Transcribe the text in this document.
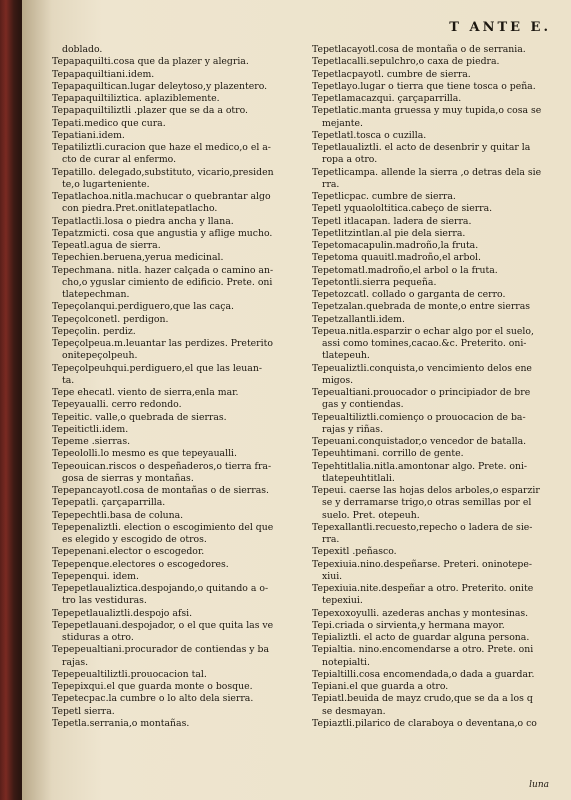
T ANTE E.
doblado.
Tepapaquilti.cosa que da plazer y alegria.
Tepapaquiltiani.idem.
Tepapaquiltican.lugar deleytoso,y plazentero.
Tepapaquiltiliztica. aplaziblemente.
Tepapaquiltiliztli .plazer que se da a otro.
Tepati.medico que cura.
Tepatiani.idem.
Tepatiliztli.curacion que haze el medico,o el a-
cto de curar al enfermo.
Tepatillo. delegado,substituto, vicario,presiden
te,o lugarteniente.
Tepatlachoa.nitla.machucar o quebrantar algo
con piedra.Pret.onitlatepatlacho.
Tepatlactli.losa o piedra ancha y llana.
Tepatzmicti. cosa que angustia y aflige mucho.
Tepeatl.agua de sierra.
Tepechien.beruena,yerua medicinal.
Tepechmana. nitla. hazer calçada o camino an-
cho,o yguslar cimiento de edificio. Prete. oni
tlatepechman.
Tepeçolanqui.perdiguero,que las caça.
Tepeçolconetl. perdigon.
Tepeçolin. perdiz.
Tepeçolpeua.m.leuantar las perdizes. Preterito
onitepeçolpeuh.
Tepeçolpeuhqui.perdiguero,el que las leuan-
ta.
Tepe ehecatl. viento de sierra,enla mar.
Tepeyaualli. cerro redondo.
Tepeitic. valle,o quebrada de sierras.
Tepeitictli.idem.
Tepeme .sierras.
Tepeololli.lo mesmo es que tepeyaualli.
Tepeouican.riscos o despeñaderos,o tierra fra-
gosa de sierras y montañas.
Tepepancayotl.cosa de montañas o de sierras.
Tepepatli. çarçaparrilla.
Tepepechtli.basa de coluna.
Tepepenaliztli. election o escogimiento del que
es elegido y escogido de otros.
Tepepenani.elector o escogedor.
Tepepenque.electores o escogedores.
Tepepenqui. idem.
Tepepetlaualiztica.despojando,o quitando a o-
tro las vestiduras.
Tepepetlaualiztli.despojo afsi.
Tepepetlauani.despojador, o el que quita las ve
stiduras a otro.
Tepepeualtiani.procurador de contiendas y ba
rajas.
Tepepeualtiliztli.prouocacion tal.
Tepepixqui.el que guarda monte o bosque.
Tepetecpac.la cumbre o lo alto dela sierra.
Tepetl sierra.
Tepetla.serrania,o montañas.
Tepetlacayotl.cosa de montaña o de serrania.
Tepetlacalli.sepulchro,o caxa de piedra.
Tepetlacpayotl. cumbre de sierra.
Tepetlayo.lugar o tierra que tiene tosca o peña.
Tepetlamacazqui. çarçaparrilla.
Tepetlatic.manta gruessa y muy tupida,o cosa se
mejante.
Tepetlatl.tosca o cuzilla.
Tepetlaualiztli. el acto de desenbrir y quitar la
ropa a otro.
Tepetlicampa. allende la sierra ,o detras dela sie
rra.
Tepetlicpac. cumbre de sierra.
Tepetl yquaololtitica.cabeço de sierra.
Tepetl itlacapan. ladera de sierra.
Tepetlitzintlan.al pie dela sierra.
Tepetomacapulin.madroño,la fruta.
Tepetoma quauitl.madroño,el arbol.
Tepetomatl.madroño,el arbol o la fruta.
Tepetontli.sierra pequeña.
Tepetozcatl. collado o garganta de cerro.
Tepetzalan.quebrada de monte,o entre sierras
Tepetzallantli.idem.
Tepeua.nitla.esparzir o echar algo por el suelo,
assi como tomines,cacao.&c. Preterito. oni-
tlatepeuh.
Tepeualiztli.conquista,o vencimiento delos ene
migos.
Tepeualtiani.prouocador o principiador de bre
gas y contiendas.
Tepeualtiliztli.comienço o prouocacion de ba-
rajas y riñas.
Tepeuani.conquistador,o vencedor de batalla.
Tepeuhtimani. corrillo de gente.
Tepehtitlalia.nitla.amontonar algo. Prete. oni-
tlatepeuhtitlali.
Tepeui. caerse las hojas delos arboles,o esparzir
se y derramarse trigo,o otras semillas por el
suelo. Pret. otepeuh.
Tepexallantli.recuesto,repecho o ladera de sie-
rra.
Tepexitl .peñasco.
Tepexiuia.nino.despeñarse. Preteri. oninotepe-
xiui.
Tepexiuia.nite.despeñar a otro. Preterito. onite
tepexiui.
Tepexoxoyulli. azederas anchas y montesinas.
Tepi.criada o sirvienta,y hermana mayor.
Tepializtli. el acto de guardar alguna persona.
Tepialtia. nino.encomendarse a otro. Prete. oni
notepialti.
Tepialtilli.cosa encomendada,o dada a guardar.
Tepiani.el que guarda a otro.
Tepiatl.beuida de mayz crudo,que se da a los q
se desmayan.
Tepiaztli.pilarico de claraboya o deventana,o co
luna
